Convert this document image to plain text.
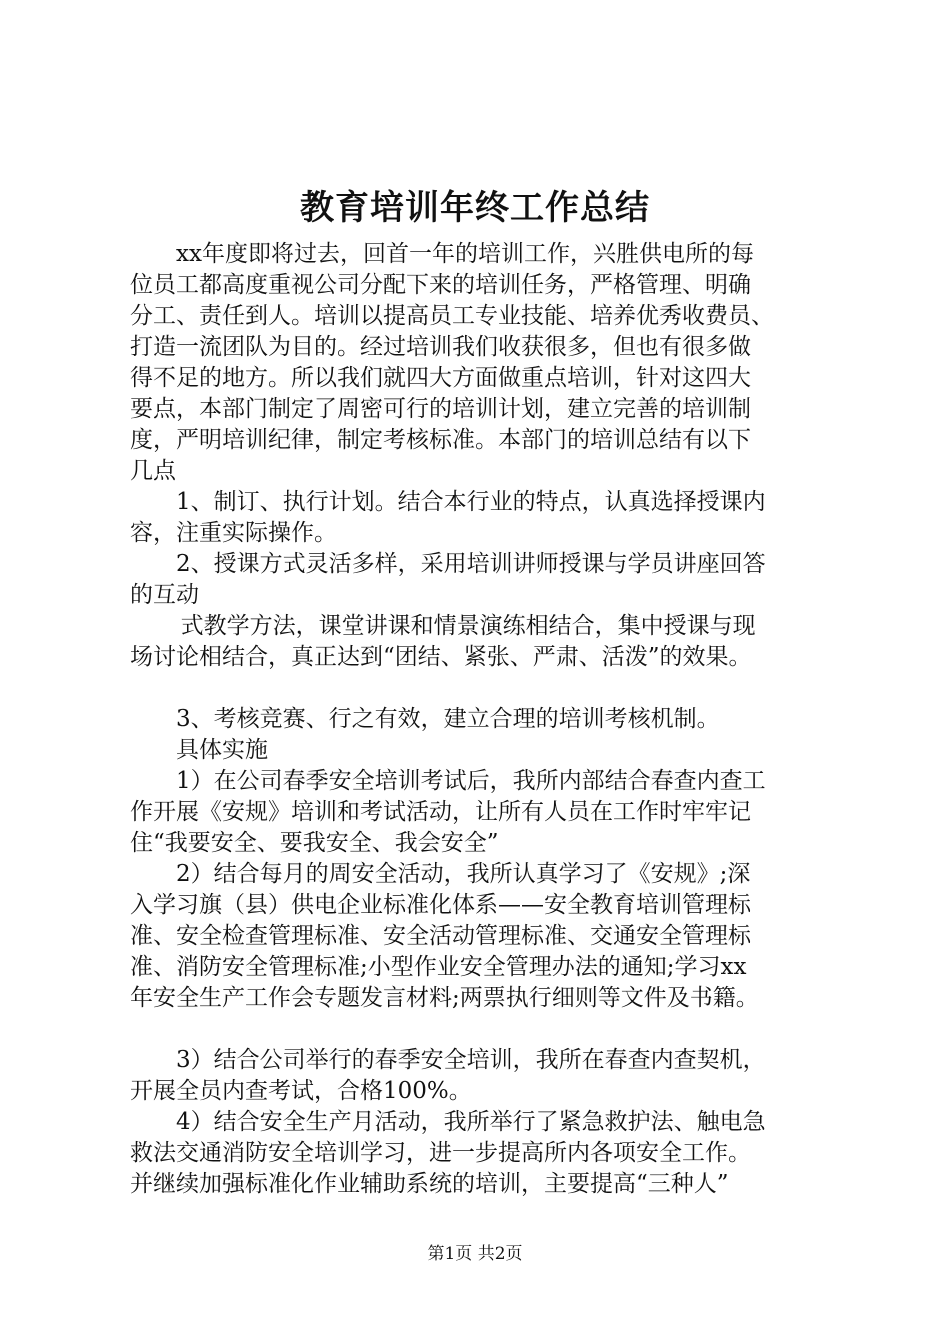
教育培训年终工作总结
xx年度即将过去，回首一年的培训工作，兴胜供电所的每
位员工都高度重视公司分配下来的培训任务，严格管理、明确
分工、责任到人。培训以提高员工专业技能、培养优秀收费员、
打造一流团队为目的。经过培训我们收获很多，但也有很多做
得不足的地方。所以我们就四大方面做重点培训，针对这四大
要点，本部门制定了周密可行的培训计划，建立完善的培训制
度，严明培训纪律，制定考核标准。本部门的培训总结有以下
几点
1、制订、执行计划。结合本行业的特点，认真选择授课内
容，注重实际操作。
2、授课方式灵活多样，采用培训讲师授课与学员讲座回答
的互动
式教学方法，课堂讲课和情景演练相结合，集中授课与现
场讨论相结合，真正达到“团结、紧张、严肃、活泼”的效果。
3、考核竞赛、行之有效，建立合理的培训考核机制。
具体实施
1）在公司春季安全培训考试后，我所内部结合春查内查工
作开展《安规》培训和考试活动，让所有人员在工作时牢牢记
住“我要安全、要我安全、我会安全”
2）结合每月的周安全活动，我所认真学习了《安规》;深
入学习旗（县）供电企业标准化体系——安全教育培训管理标
准、安全检查管理标准、安全活动管理标准、交通安全管理标
准、消防安全管理标准;小型作业安全管理办法的通知;学习xx
年安全生产工作会专题发言材料;两票执行细则等文件及书籍。
3）结合公司举行的春季安全培训，我所在春查内查契机，
开展全员内查考试，合格100%。
4）结合安全生产月活动，我所举行了紧急救护法、触电急
救法交通消防安全培训学习，进一步提高所内各项安全工作。
并继续加强标准化作业辅助系统的培训，主要提高“三种人”
第1页 共2页
